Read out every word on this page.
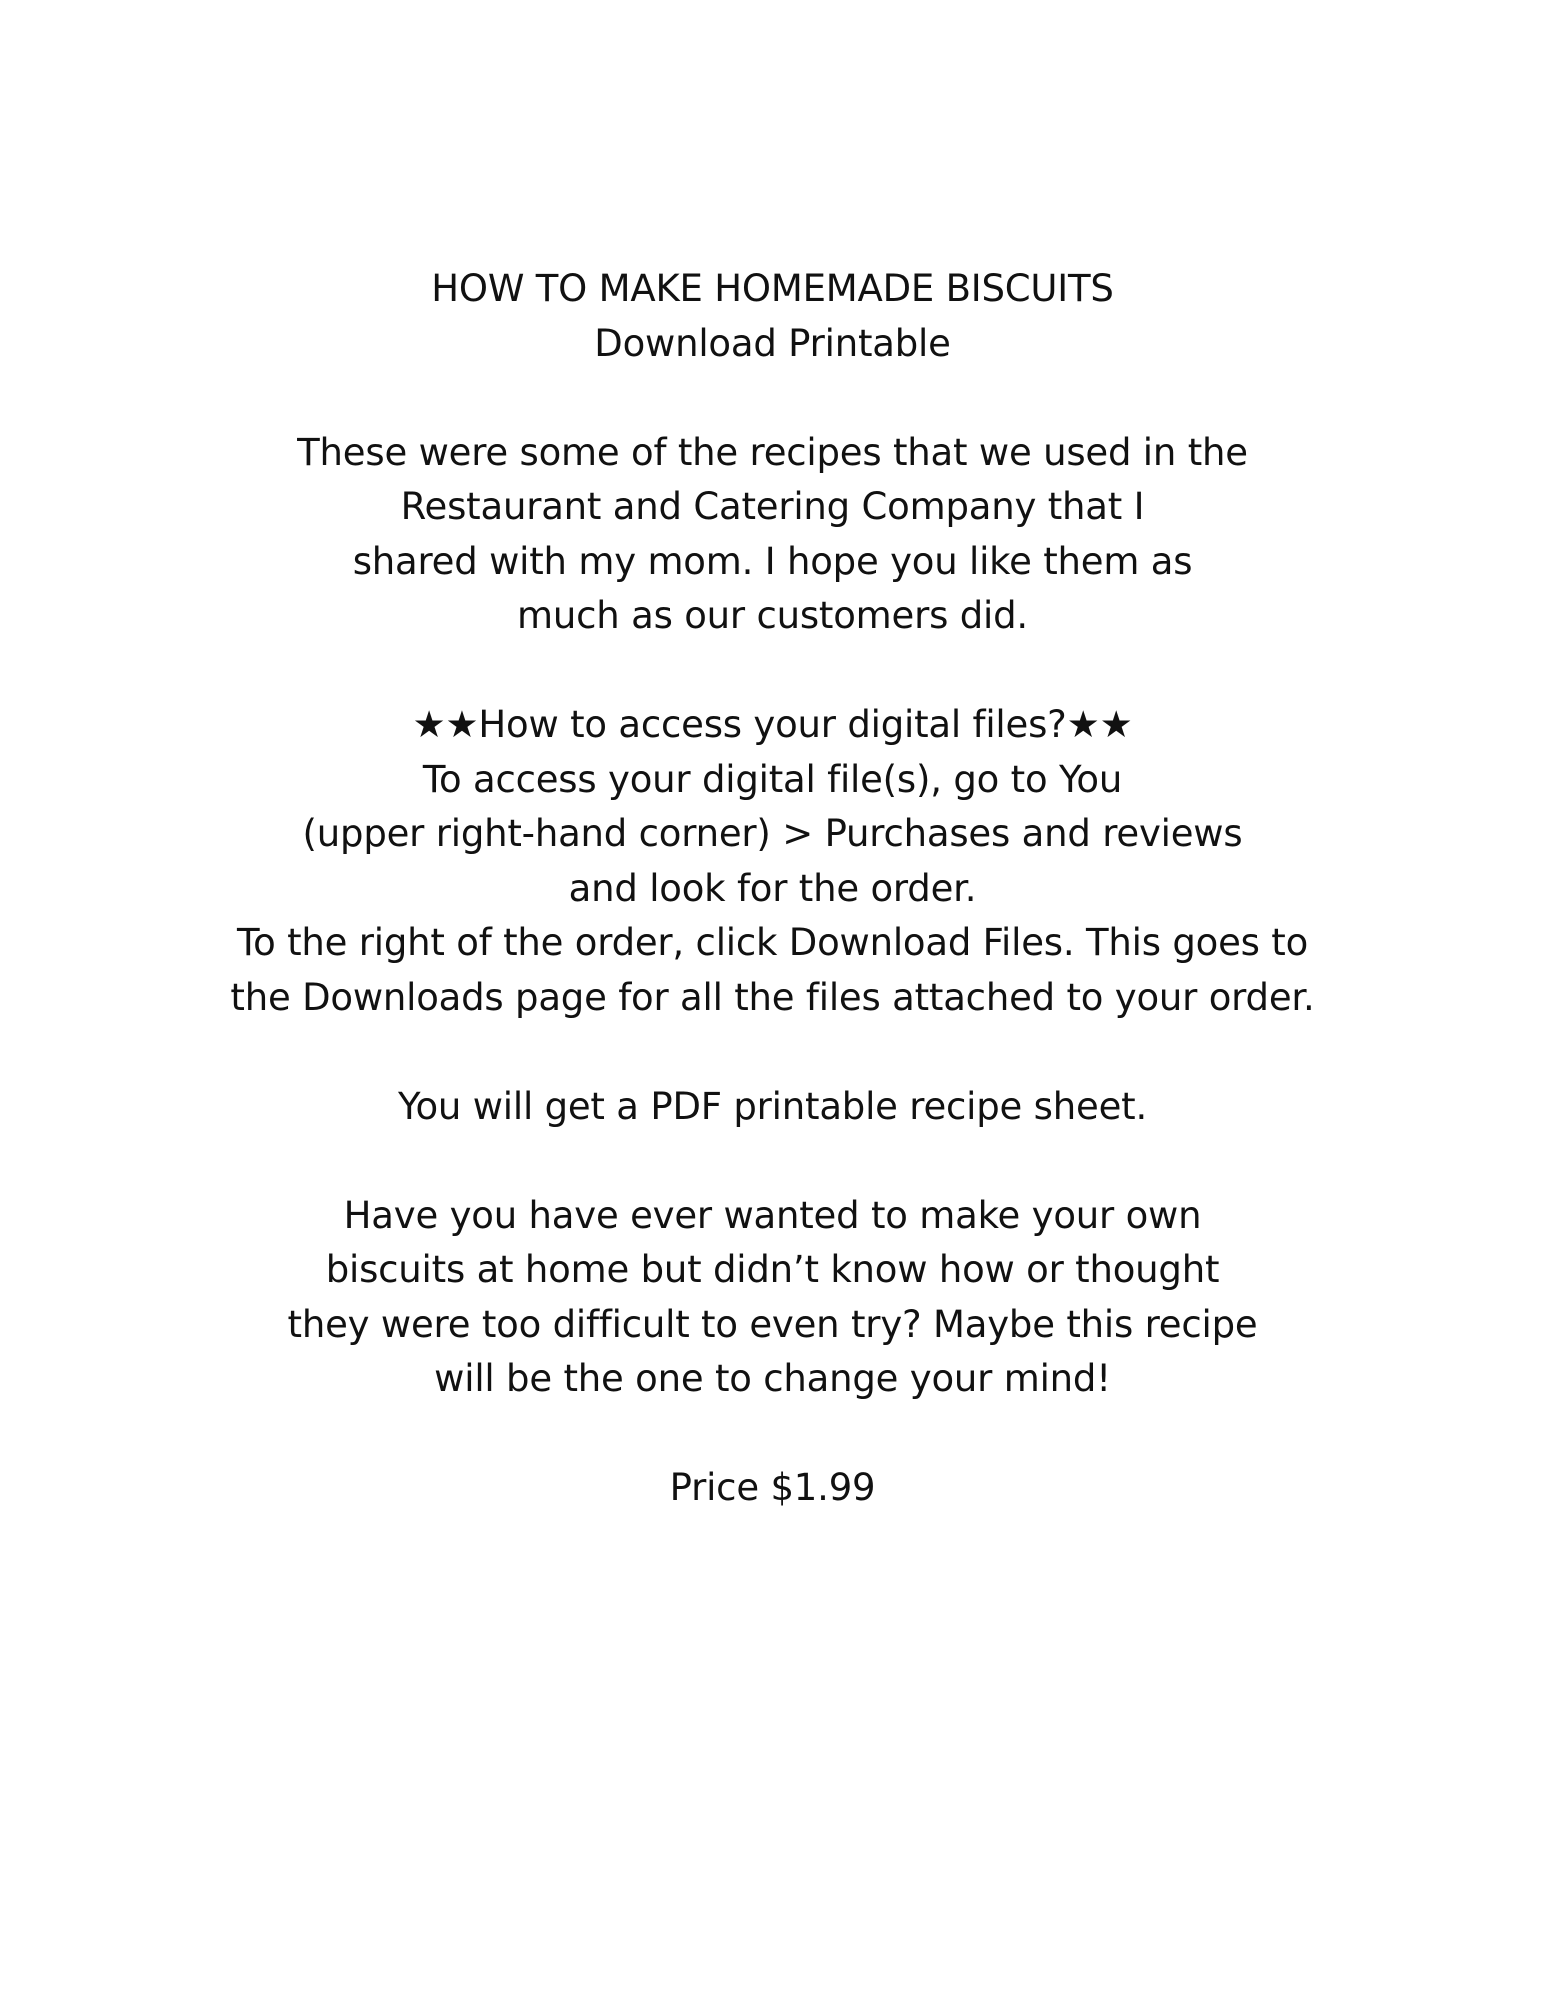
HOW TO MAKE HOMEMADE BISCUITS
Download Printable
These were some of the recipes that we used in the
Restaurant and Catering Company that I
shared with my mom. I hope you like them as
much as our customers did.
★★How to access your digital files?★★
To access your digital file(s), go to You
(upper right-hand corner) > Purchases and reviews
and look for the order.
To the right of the order, click Download Files. This goes to
the Downloads page for all the files attached to your order.
You will get a PDF printable recipe sheet.
Have you have ever wanted to make your own
biscuits at home but didn’t know how or thought
they were too difficult to even try? Maybe this recipe
will be the one to change your mind!
Price $1.99
